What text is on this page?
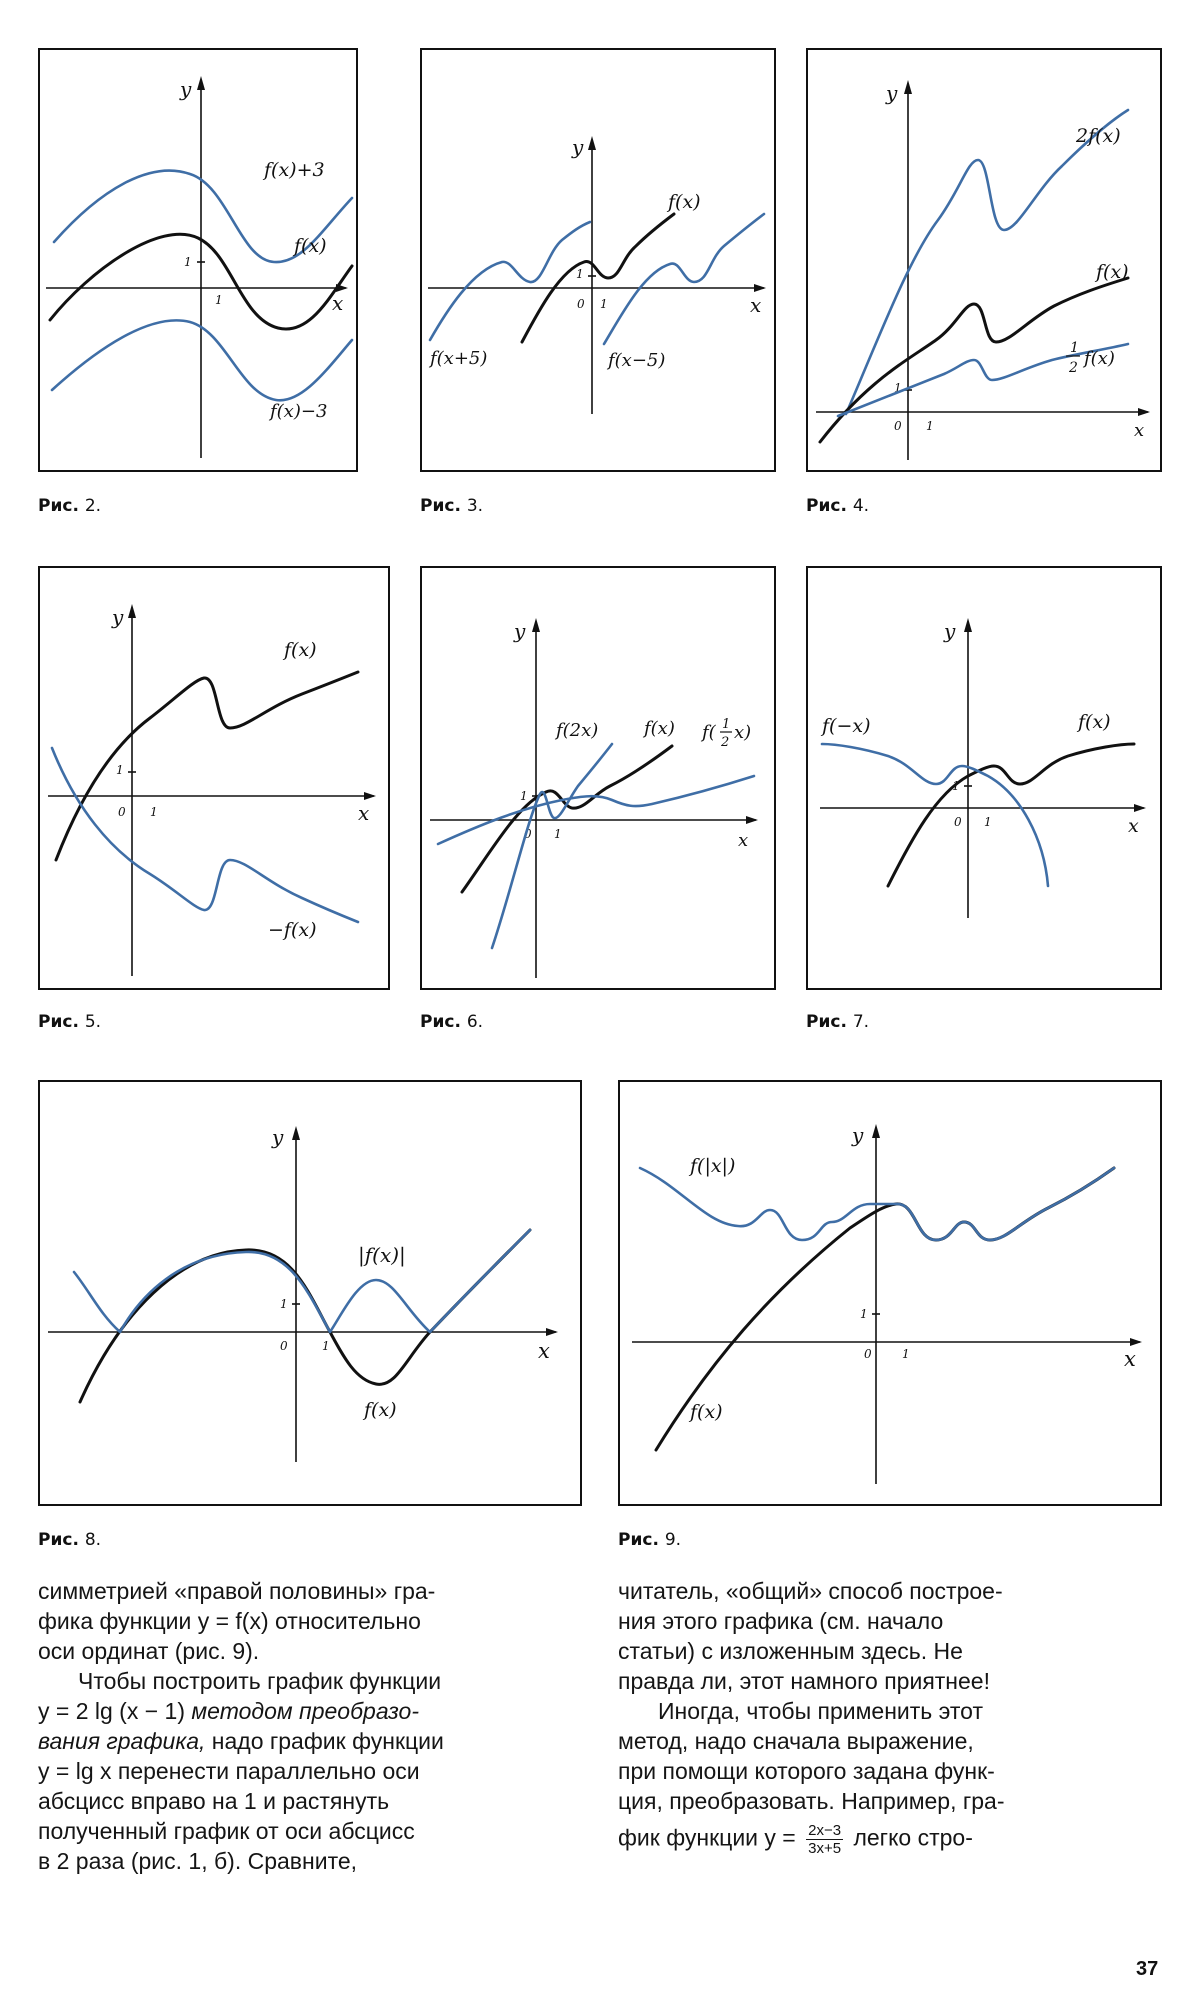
1
1	x
y
f(x)+3
f(x)
f(x)−3
Рис. 2.
1
0 1	x
y
f(x)
f(x+5)	f(x−5)
Рис. 3.
1
0 1	x
y
2f(x)
f(x)
1
2 f(x)
Рис. 4.
1
0 1	x
y
f(x)
−f(x)
Рис. 5.
1
0 1	x
y
f(2x)	f(x) f( 1
2 x)
Рис. 6.
1
0 1	x
y
f(−x)	f(x)
Рис. 7.
1
0	1	x
y
|f(x)|
f(x)
Рис. 8.
1
0	1	x
y
f(|x|)
f(x)
Рис. 9.

симметрией «правой половины» гра-

фика функции y = f(x) относительно

оси ординат (рис. 9).

Чтобы построить график функции

y = 2 lg (x − 1) методом преобразо-

вания графика, надо график функции

y = lg x перенести параллельно оси

абсцисс вправо на 1 и растянуть

полученный график от оси абсцисс

в 2 раза (рис. 1, б). Сравните,

читатель, «общий» способ построе-

ния этого графика (см. начало

статьи) с изложенным здесь. Не

правда ли, этот намного приятнее!

Иногда, чтобы применить этот

метод, надо сначала выражение,

при помощи которого задана функ-

ция, преобразовать. Например, гра-

фик функции $y = \frac{2x-3}{3x+5}$ легко стро-

37
